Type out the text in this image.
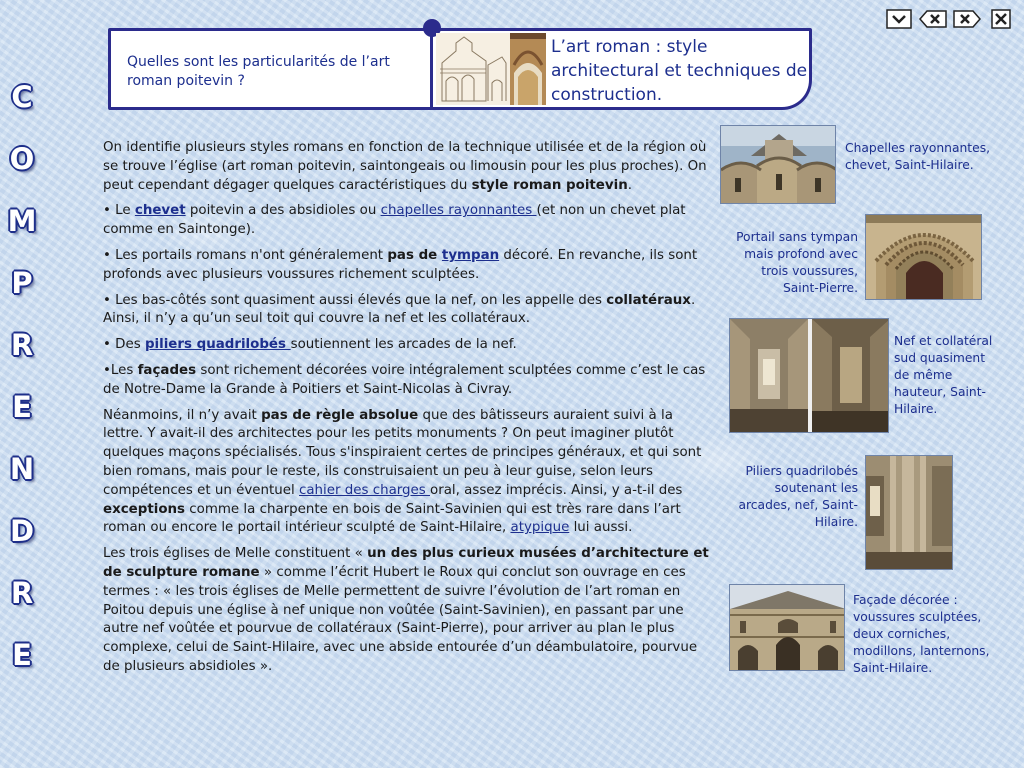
C
O
M
P
R
E
N
D
R
E
Quelles sont les particularités de l’art roman poitevin ?
L’art roman : style architectural et techniques de construction.

On identifie plusieurs styles romans en fonction de la technique utilisée et de la région où se trouve l’église (art roman poitevin, saintongeais ou limousin pour les plus proches). On peut cependant dégager quelques caractéristiques du style roman poitevin.

• Le chevet poitevin a des absidioles ou chapelles rayonnantes (et non un chevet plat comme en Saintonge).

• Les portails romans n'ont généralement pas de tympan décoré. En revanche, ils sont profonds avec plusieurs voussures richement sculptées.

• Les bas-côtés sont quasiment aussi élevés que la nef, on les appelle des collatéraux. Ainsi, il n’y a qu’un seul toit qui couvre la nef et les collatéraux.

• Des piliers quadrilobés soutiennent les arcades de la nef.

•Les façades sont richement décorées voire intégralement sculptées comme c’est le cas de Notre-Dame la Grande à Poitiers et Saint-Nicolas à Civray.

Néanmoins, il n’y avait pas de règle absolue que des bâtisseurs auraient suivi à la lettre. Y avait-il des architectes pour les petits monuments ? On peut imaginer plutôt quelques maçons spécialisés. Tous s'inspiraient certes de principes généraux, et qui sont bien romans, mais pour le reste, ils construisaient un peu à leur guise, selon leurs compétences et un éventuel cahier des charges oral, assez imprécis. Ainsi, y a-t-il des exceptions comme la charpente en bois de Saint-Savinien qui est très rare dans l’art roman ou encore le portail intérieur sculpté de Saint-Hilaire, atypique lui aussi.

Les trois églises de Melle constituent « un des plus curieux musées d’architecture et de sculpture romane » comme l’écrit Hubert le Roux qui conclut son ouvrage en ces termes : « les trois églises de Melle permettent de suivre l’évolution de l’art roman en Poitou depuis une église à nef unique non voûtée (Saint-Savinien), en passant par une autre nef voûtée et pourvue de collatéraux (Saint-Pierre), pour arriver au plan le plus complexe, celui de Saint-Hilaire, avec une abside entourée d’un déambulatoire, pourvue de plusieurs absidioles ».

Chapelles rayonnantes, chevet, Saint-Hilaire.
Portail sans tympan mais profond avec trois voussures, Saint-Pierre.
Nef et collatéral sud quasiment de même hauteur, Saint-Hilaire.
Piliers quadrilobés soutenant les arcades, nef, Saint-Hilaire.
Façade décorée : voussures sculptées, deux corniches, modillons, lanternons, Saint-Hilaire.
